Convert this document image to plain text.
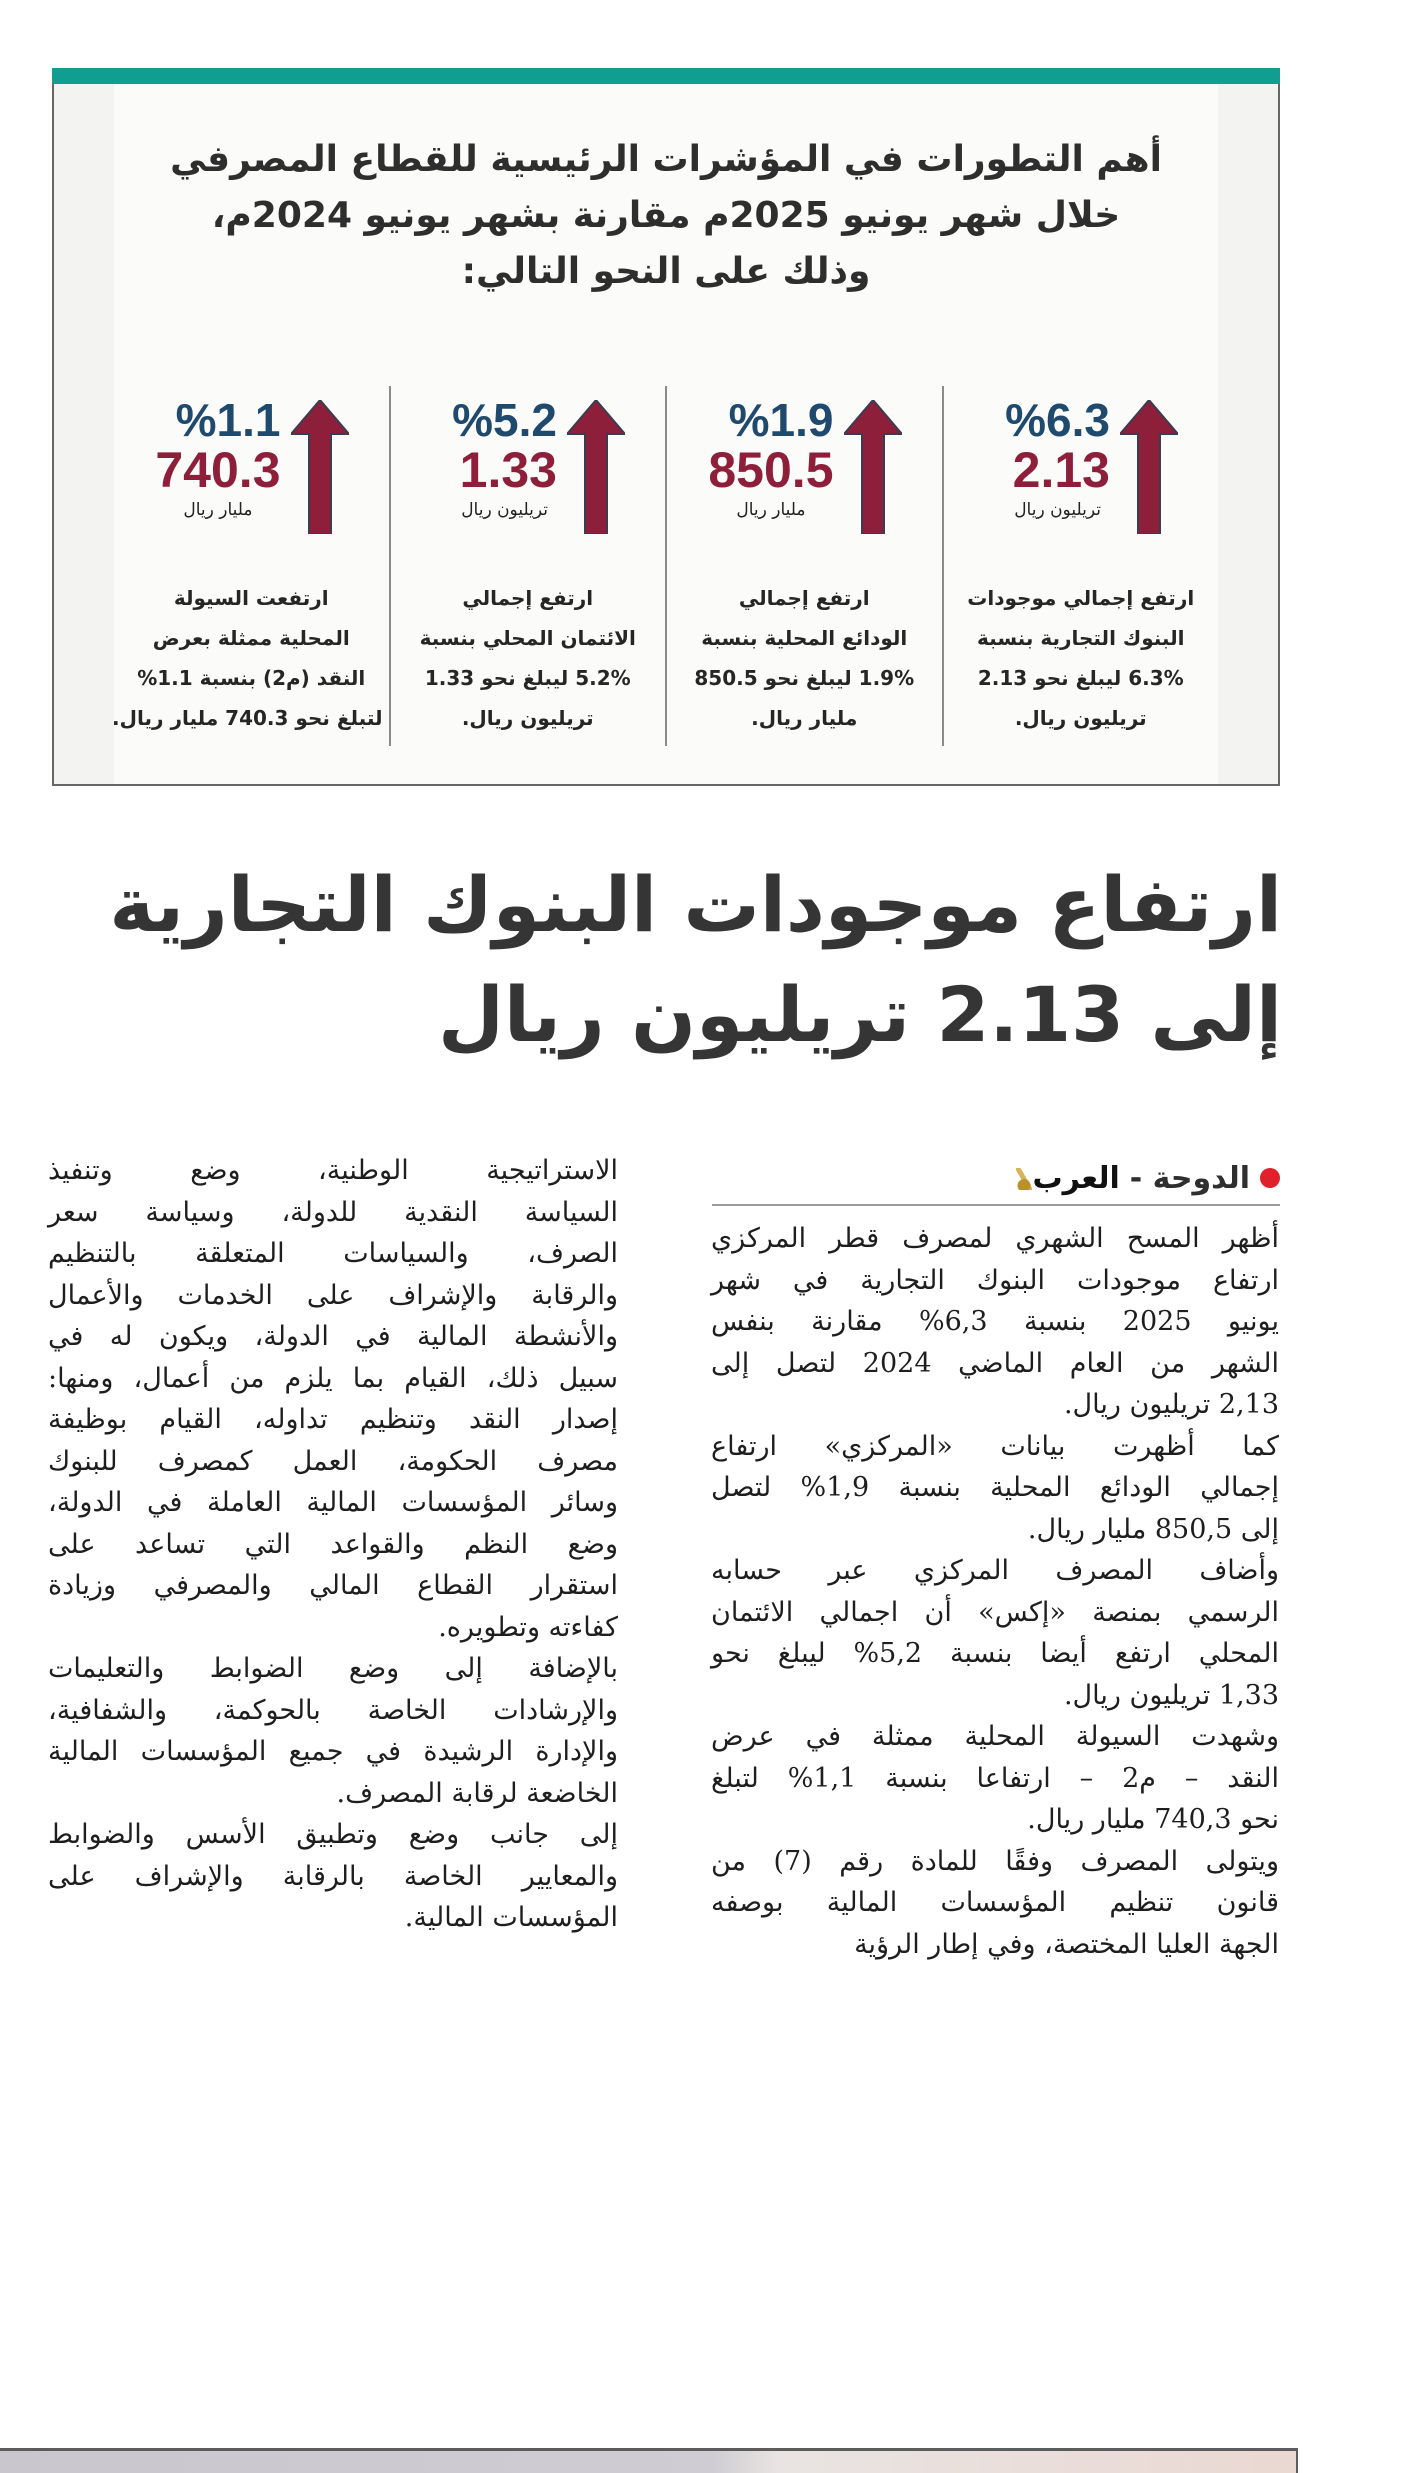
أهم التطورات في المؤشرات الرئيسية للقطاع المصرفي
خلال شهر يونيو 2025م مقارنة بشهر يونيو 2024م،
وذلك على النحو التالي:
%6.3
2.13
تريليون ريال
ارتفع إجمالي موجودات
البنوك التجارية بنسبة
6.3% ليبلغ نحو 2.13
تريليون ريال.
%1.9
850.5
مليار ريال
ارتفع إجمالي
الودائع المحلية بنسبة
1.9% ليبلغ نحو 850.5
مليار ريال.
%5.2
1.33
تريليون ريال
ارتفع إجمالي
الائتمان المحلي بنسبة
5.2% ليبلغ نحو 1.33
تريليون ريال.
%1.1
740.3
مليار ريال
ارتفعت السيولة
المحلية ممثلة بعرض
النقد (م2) بنسبة 1.1%
لتبلغ نحو 740.3 مليار ريال.
ارتفاع موجودات البنوك التجارية
إلى 2.13 تريليون ريال
الدوحة -
العرب
أظهر المسح الشهري لمصرف قطر المركزي
ارتفاع موجودات البنوك التجارية في شهر
يونيو 2025 بنسبة 6,3% مقارنة بنفس
الشهر من العام الماضي 2024 لتصل إلى
2,13 تريليون ريال.
كما أظهرت بيانات «المركزي» ارتفاع
إجمالي الودائع المحلية بنسبة 1,9% لتصل
إلى 850,5 مليار ريال.
وأضاف المصرف المركزي عبر حسابه
الرسمي بمنصة «إكس» أن اجمالي الائتمان
المحلي ارتفع أيضا بنسبة 5,2% ليبلغ نحو
1,33 تريليون ريال.
وشهدت السيولة المحلية ممثلة في عرض
النقد – م2 – ارتفاعا بنسبة 1,1% لتبلغ
نحو 740,3 مليار ريال.
ويتولى المصرف وفقًا للمادة رقم (7) من
قانون تنظيم المؤسسات المالية بوصفه
الجهة العليا المختصة، وفي إطار الرؤية
الاستراتيجية الوطنية، وضع وتنفيذ
السياسة النقدية للدولة، وسياسة سعر
الصرف، والسياسات المتعلقة بالتنظيم
والرقابة والإشراف على الخدمات والأعمال
والأنشطة المالية في الدولة، ويكون له في
سبيل ذلك، القيام بما يلزم من أعمال، ومنها:
إصدار النقد وتنظيم تداوله، القيام بوظيفة
مصرف الحكومة، العمل كمصرف للبنوك
وسائر المؤسسات المالية العاملة في الدولة،
وضع النظم والقواعد التي تساعد على
استقرار القطاع المالي والمصرفي وزيادة
كفاءته وتطويره.
بالإضافة إلى وضع الضوابط والتعليمات
والإرشادات الخاصة بالحوكمة، والشفافية،
والإدارة الرشيدة في جميع المؤسسات المالية
الخاضعة لرقابة المصرف.
إلى جانب وضع وتطبيق الأسس والضوابط
والمعايير الخاصة بالرقابة والإشراف على
المؤسسات المالية.
